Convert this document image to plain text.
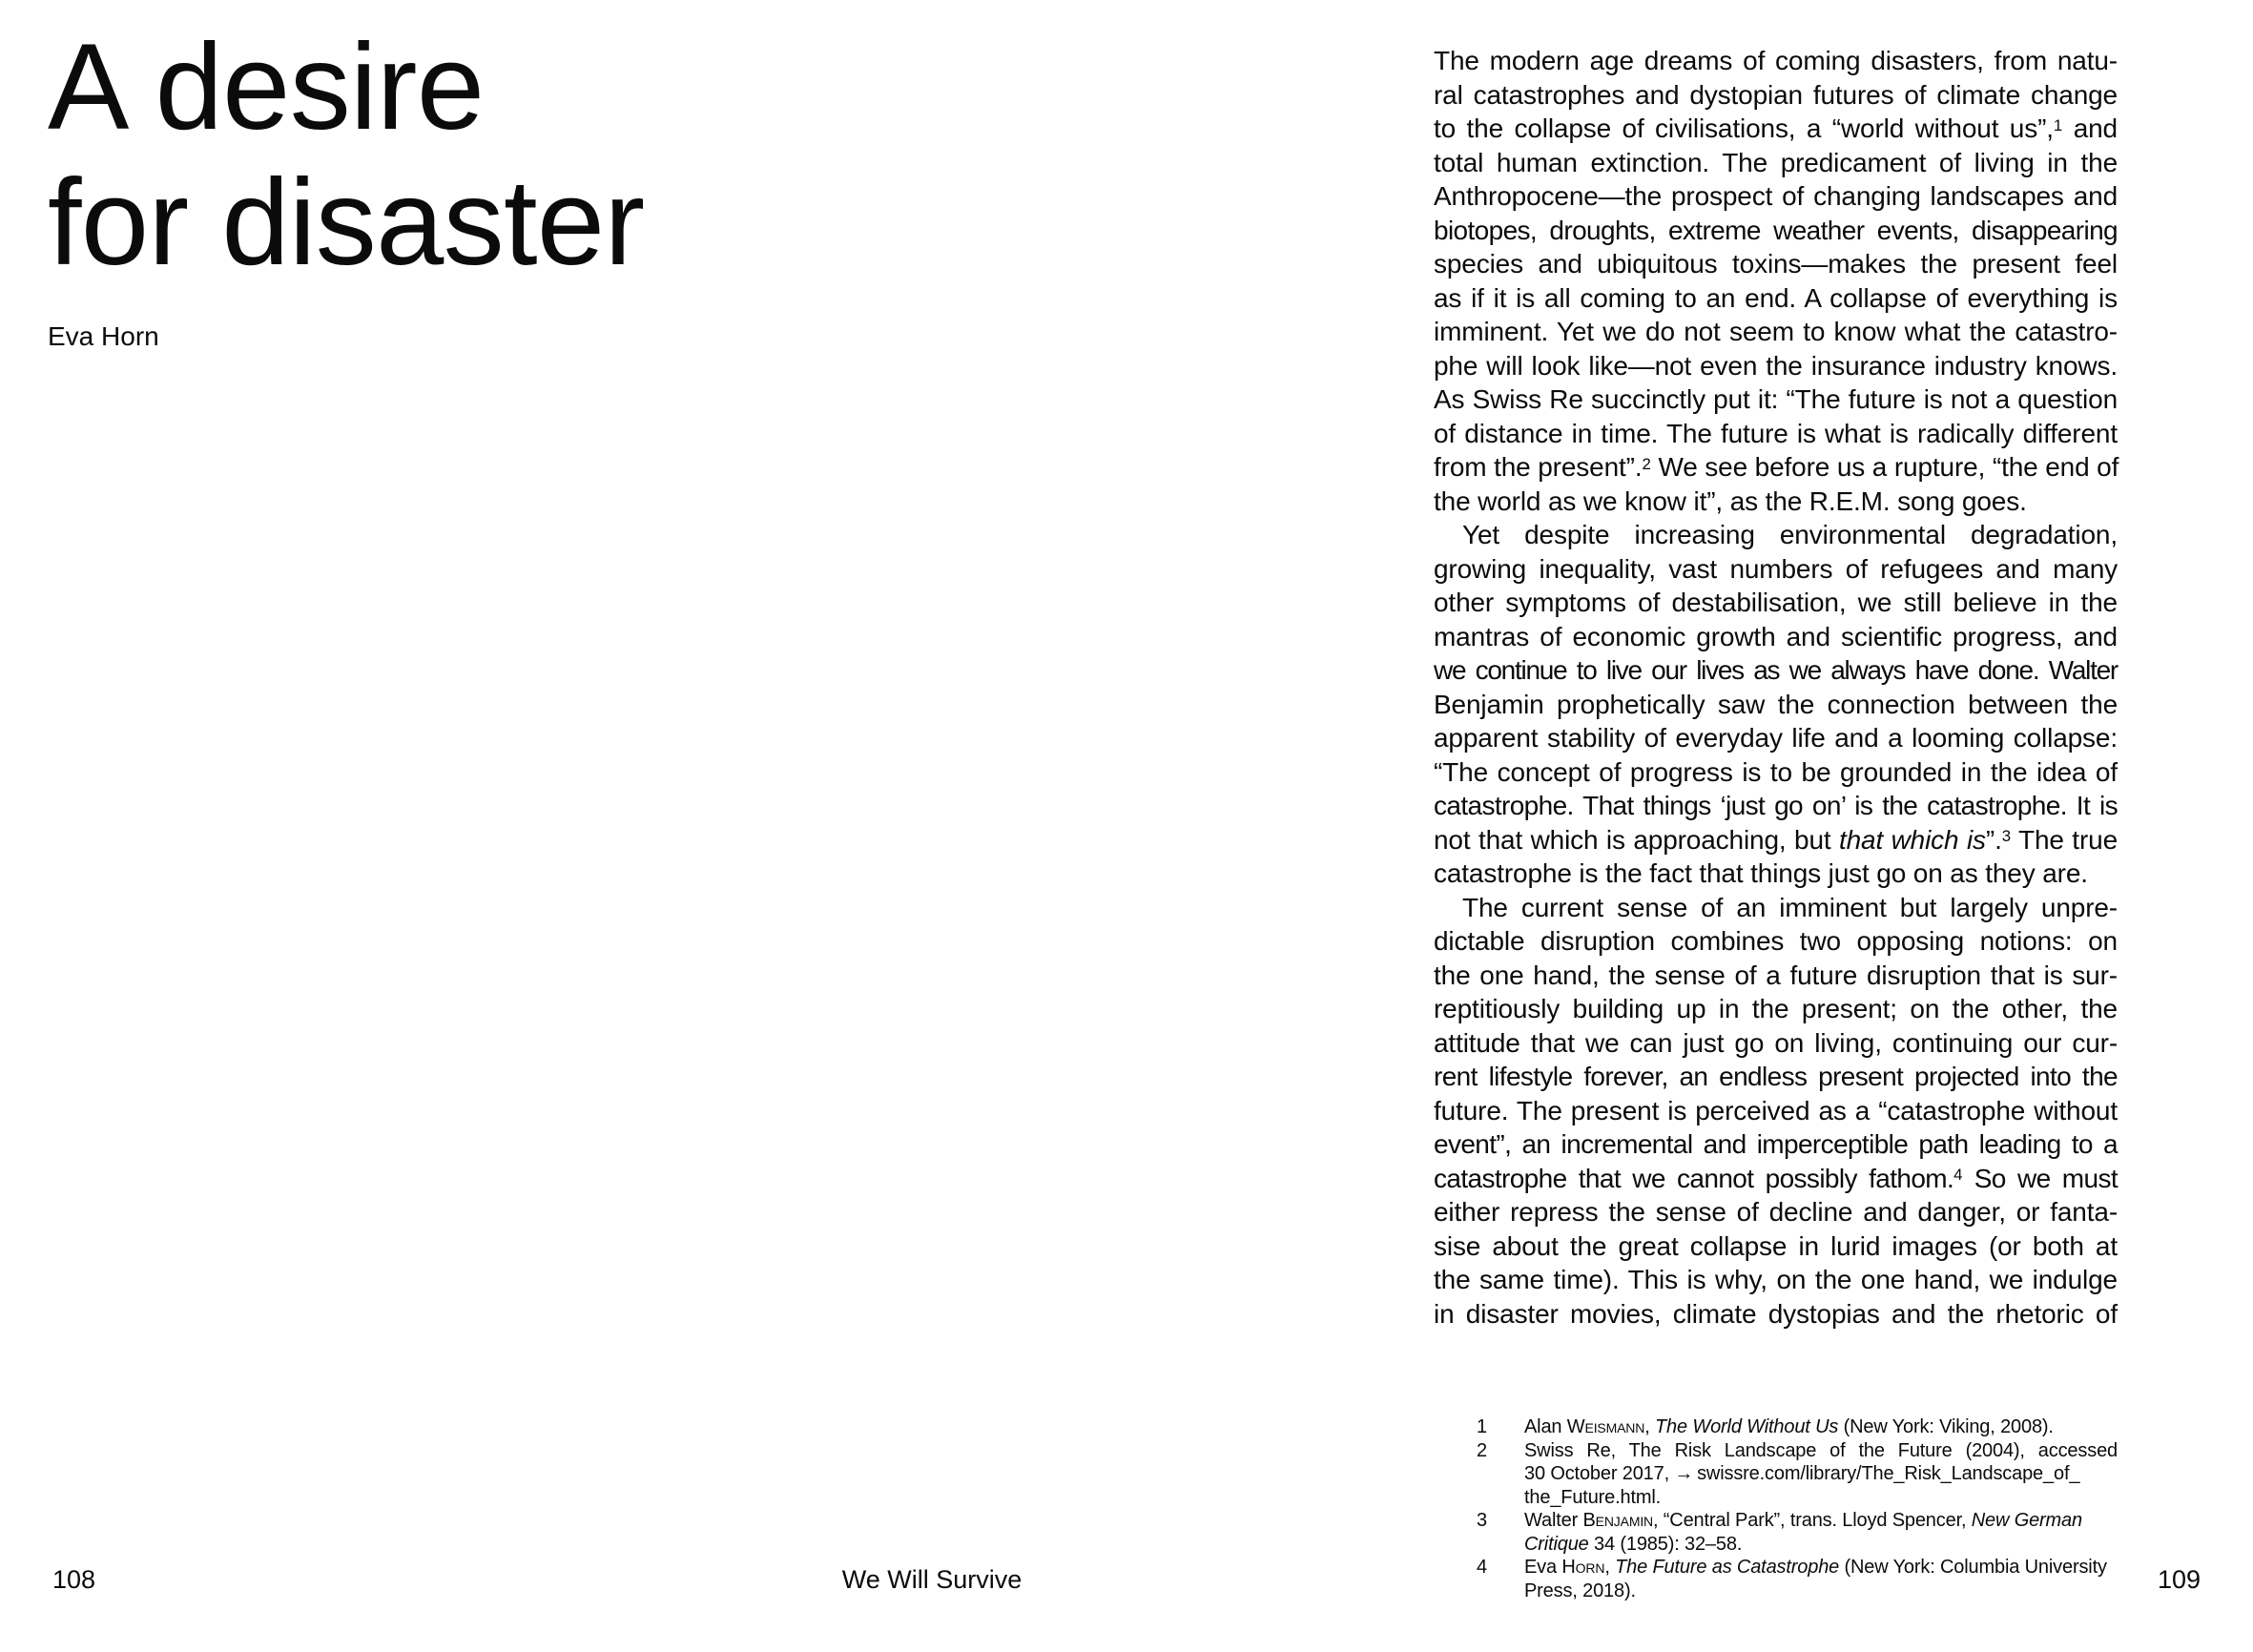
A desire
for disaster
Eva Horn
The modern age dreams of coming disasters, from natu-
ral catastrophes and dystopian futures of climate change
to the collapse of civilisations, a “world without us”,$^1$ and
total human extinction. The predicament of living in the
Anthropocene—the prospect of changing landscapes and
biotopes, droughts, extreme weather events, disappearing
species and ubiquitous toxins—makes the present feel
as if it is all coming to an end. A collapse of everything is
imminent. Yet we do not seem to know what the catastro-
phe will look like—not even the insurance industry knows.
As Swiss Re succinctly put it: “The future is not a question
of distance in time. The future is what is radically different
from the present”.$^2$ We see before us a rupture, “the end of
the world as we know it”, as the R.E.M. song goes.
Yet despite increasing environmental degradation,
growing inequality, vast numbers of refugees and many
other symptoms of destabilisation, we still believe in the
mantras of economic growth and scientific progress, and
we continue to live our lives as we always have done. Walter
Benjamin prophetically saw the connection between the
apparent stability of everyday life and a looming collapse:
“The concept of progress is to be grounded in the idea of
catastrophe. That things ‘just go on’ is the catastrophe. It is
not that which is approaching, but that which is”.$^3$ The true
catastrophe is the fact that things just go on as they are.
The current sense of an imminent but largely unpre-
dictable disruption combines two opposing notions: on
the one hand, the sense of a future disruption that is sur-
reptitiously building up in the present; on the other, the
attitude that we can just go on living, continuing our cur-
rent lifestyle forever, an endless present projected into the
future. The present is perceived as a “catastrophe without
event”, an incremental and imperceptible path leading to a
catastrophe that we cannot possibly fathom.$^4$ So we must
either repress the sense of decline and danger, or fanta-
sise about the great collapse in lurid images (or both at
the same time). This is why, on the one hand, we indulge
in disaster movies, climate dystopias and the rhetoric of
1	Alan Weismann, The World Without Us (New York: Viking, 2008).
2	Swiss Re, The Risk Landscape of the Future (2004), accessed
30 October 2017, → swissre.com/library/The_Risk_Landscape_of_
the_Future.html.
3	Walter Benjamin, “Central Park”, trans. Lloyd Spencer, New German
Critique 34 (1985): 32–58.
4	Eva Horn, The Future as Catastrophe (New York: Columbia University
Press, 2018).
108	We Will Survive	109
